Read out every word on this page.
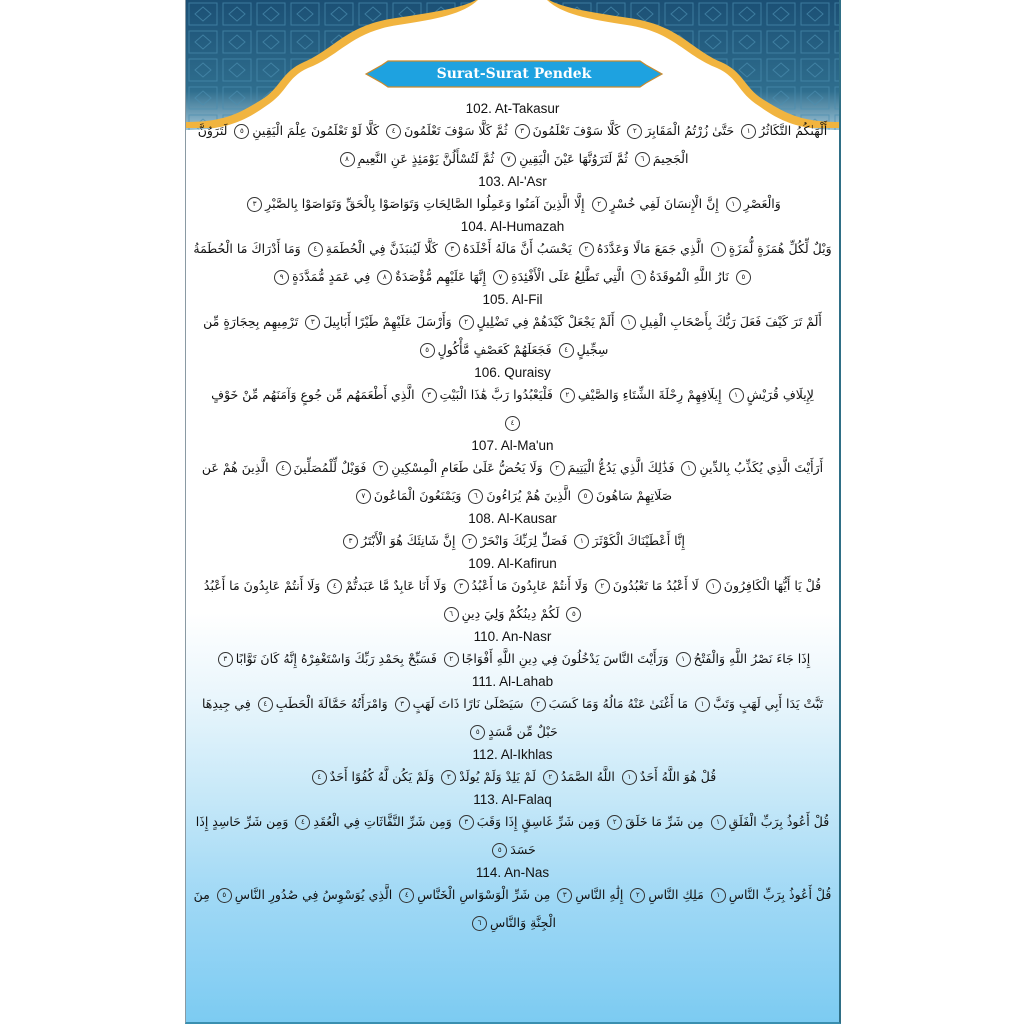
Surat-Surat Pendek
102. At-Takasur
أَلْهَىٰكُمُ التَّكَاثُرُ١ حَتَّىٰ زُرْتُمُ الْمَقَابِرَ٢ كَلَّا سَوْفَ تَعْلَمُونَ٣ ثُمَّ كَلَّا سَوْفَ تَعْلَمُونَ٤ كَلَّا لَوْ تَعْلَمُونَ عِلْمَ الْيَقِينِ٥ لَتَرَوُنَّ
الْجَحِيمَ٦ ثُمَّ لَتَرَوُنَّهَا عَيْنَ الْيَقِينِ٧ ثُمَّ لَتُسْأَلُنَّ يَوْمَئِذٍ عَنِ النَّعِيمِ٨
103. Al-'Asr
وَالْعَصْرِ١ إِنَّ الْإِنسَانَ لَفِي خُسْرٍ٢ إِلَّا الَّذِينَ آمَنُوا وَعَمِلُوا الصَّالِحَاتِ وَتَوَاصَوْا بِالْحَقِّ وَتَوَاصَوْا بِالصَّبْرِ٣
104. Al-Humazah
وَيْلٌ لِّكُلِّ هُمَزَةٍ لُّمَزَةٍ١ الَّذِي جَمَعَ مَالًا وَعَدَّدَهُ٢ يَحْسَبُ أَنَّ مَالَهُ أَخْلَدَهُ٣ كَلَّا لَيُنبَذَنَّ فِي الْحُطَمَةِ٤ وَمَا أَدْرَاكَ مَا الْحُطَمَةُ
٥ نَارُ اللَّهِ الْمُوقَدَةُ٦ الَّتِي تَطَّلِعُ عَلَى الْأَفْئِدَةِ٧ إِنَّهَا عَلَيْهِم مُّؤْصَدَةٌ٨ فِي عَمَدٍ مُّمَدَّدَةٍ٩
105. Al-Fil
أَلَمْ تَرَ كَيْفَ فَعَلَ رَبُّكَ بِأَصْحَابِ الْفِيلِ١ أَلَمْ يَجْعَلْ كَيْدَهُمْ فِي تَضْلِيلٍ٢ وَأَرْسَلَ عَلَيْهِمْ طَيْرًا أَبَابِيلَ٣ تَرْمِيهِم بِحِجَارَةٍ مِّن
سِجِّيلٍ٤ فَجَعَلَهُمْ كَعَصْفٍ مَّأْكُولٍ٥
106. Quraisy
لِإِيلَافِ قُرَيْشٍ١ إِيلَافِهِمْ رِحْلَةَ الشِّتَاءِ وَالصَّيْفِ٢ فَلْيَعْبُدُوا رَبَّ هَٰذَا الْبَيْتِ٣ الَّذِي أَطْعَمَهُم مِّن جُوعٍ وَآمَنَهُم مِّنْ خَوْفٍ
٤
107. Al-Ma'un
أَرَأَيْتَ الَّذِي يُكَذِّبُ بِالدِّينِ١ فَذَٰلِكَ الَّذِي يَدُعُّ الْيَتِيمَ٢ وَلَا يَحُضُّ عَلَىٰ طَعَامِ الْمِسْكِينِ٣ فَوَيْلٌ لِّلْمُصَلِّينَ٤ الَّذِينَ هُمْ عَن
صَلَاتِهِمْ سَاهُونَ٥ الَّذِينَ هُمْ يُرَاءُونَ٦ وَيَمْنَعُونَ الْمَاعُونَ٧
108. Al-Kausar
إِنَّا أَعْطَيْنَاكَ الْكَوْثَرَ١ فَصَلِّ لِرَبِّكَ وَانْحَرْ٢ إِنَّ شَانِئَكَ هُوَ الْأَبْتَرُ٣
109. Al-Kafirun
قُلْ يَا أَيُّهَا الْكَافِرُونَ١ لَا أَعْبُدُ مَا تَعْبُدُونَ٢ وَلَا أَنتُمْ عَابِدُونَ مَا أَعْبُدُ٣ وَلَا أَنَا عَابِدٌ مَّا عَبَدتُّمْ٤ وَلَا أَنتُمْ عَابِدُونَ مَا أَعْبُدُ
٥ لَكُمْ دِينُكُمْ وَلِيَ دِينِ٦
110. An-Nasr
إِذَا جَاءَ نَصْرُ اللَّهِ وَالْفَتْحُ١ وَرَأَيْتَ النَّاسَ يَدْخُلُونَ فِي دِينِ اللَّهِ أَفْوَاجًا٢ فَسَبِّحْ بِحَمْدِ رَبِّكَ وَاسْتَغْفِرْهُ إِنَّهُ كَانَ تَوَّابًا٣
111. Al-Lahab
تَبَّتْ يَدَا أَبِي لَهَبٍ وَتَبَّ١ مَا أَغْنَىٰ عَنْهُ مَالُهُ وَمَا كَسَبَ٢ سَيَصْلَىٰ نَارًا ذَاتَ لَهَبٍ٣ وَامْرَأَتُهُ حَمَّالَةَ الْحَطَبِ٤ فِي جِيدِهَا
حَبْلٌ مِّن مَّسَدٍ٥
112. Al-Ikhlas
قُلْ هُوَ اللَّهُ أَحَدٌ١ اللَّهُ الصَّمَدُ٢ لَمْ يَلِدْ وَلَمْ يُولَدْ٣ وَلَمْ يَكُن لَّهُ كُفُوًا أَحَدٌ٤
113. Al-Falaq
قُلْ أَعُوذُ بِرَبِّ الْفَلَقِ١ مِن شَرِّ مَا خَلَقَ٢ وَمِن شَرِّ غَاسِقٍ إِذَا وَقَبَ٣ وَمِن شَرِّ النَّفَّاثَاتِ فِي الْعُقَدِ٤ وَمِن شَرِّ حَاسِدٍ إِذَا
حَسَدَ٥
114. An-Nas
قُلْ أَعُوذُ بِرَبِّ النَّاسِ١ مَلِكِ النَّاسِ٢ إِلَٰهِ النَّاسِ٣ مِن شَرِّ الْوَسْوَاسِ الْخَنَّاسِ٤ الَّذِي يُوَسْوِسُ فِي صُدُورِ النَّاسِ٥ مِنَ
الْجِنَّةِ وَالنَّاسِ٦
